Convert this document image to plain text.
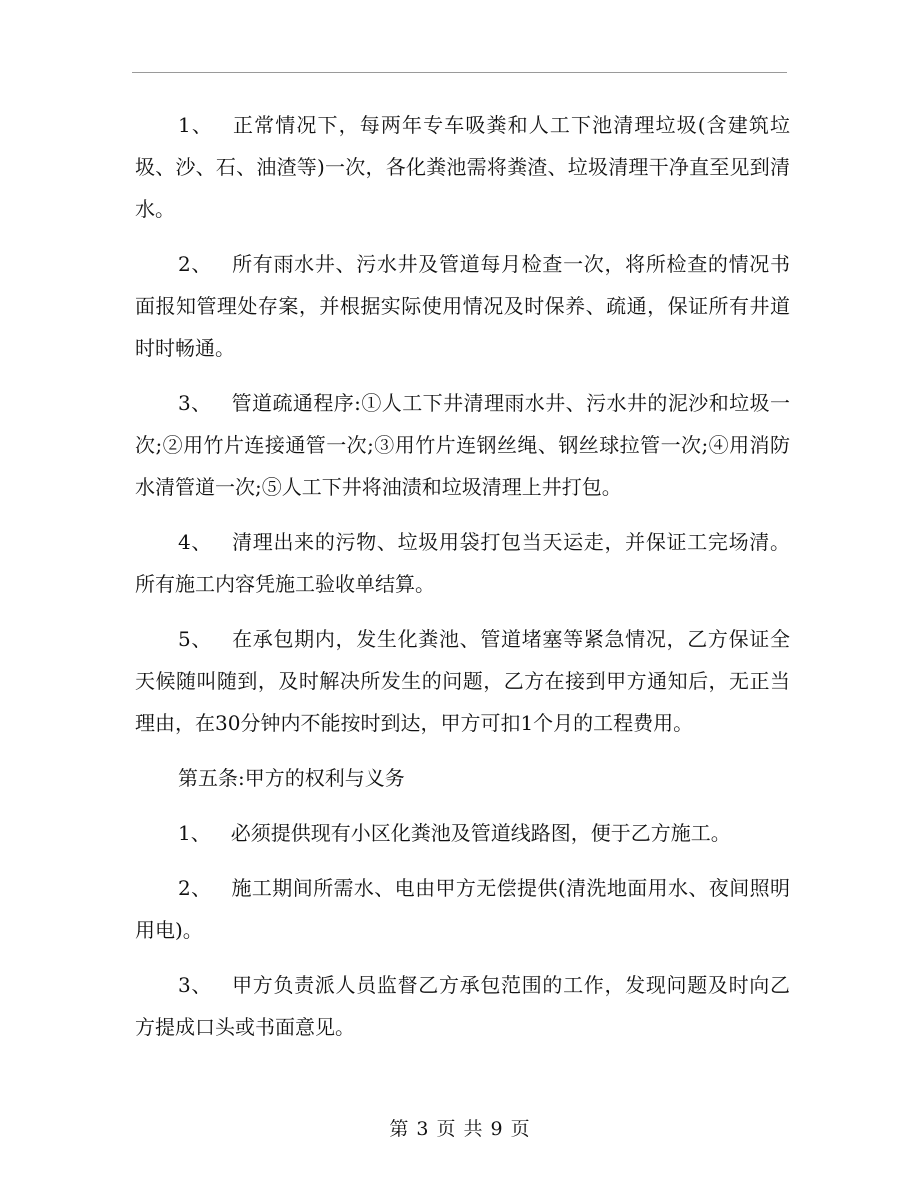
1、 正常情况下，每两年专车吸粪和人工下池清理垃圾(含建筑垃圾、沙、石、油渣等)一次，各化粪池需将粪渣、垃圾清理干净直至见到清水。

2、 所有雨水井、污水井及管道每月检查一次，将所检查的情况书面报知管理处存案，并根据实际使用情况及时保养、疏通，保证所有井道时时畅通。

3、 管道疏通程序:①人工下井清理雨水井、污水井的泥沙和垃圾一次;②用竹片连接通管一次;③用竹片连钢丝绳、钢丝球拉管一次;④用消防水清管道一次;⑤人工下井将油渍和垃圾清理上井打包。

4、 清理出来的污物、垃圾用袋打包当天运走，并保证工完场清。所有施工内容凭施工验收单结算。

5、 在承包期内，发生化粪池、管道堵塞等紧急情况，乙方保证全天候随叫随到，及时解决所发生的问题，乙方在接到甲方通知后，无正当理由，在30分钟内不能按时到达，甲方可扣1个月的工程费用。

第五条:甲方的权利与义务

1、 必须提供现有小区化粪池及管道线路图，便于乙方施工。

2、 施工期间所需水、电由甲方无偿提供(清洗地面用水、夜间照明用电)。

3、 甲方负责派人员监督乙方承包范围的工作，发现问题及时向乙方提成口头或书面意见。

第 3 页 共 9 页
